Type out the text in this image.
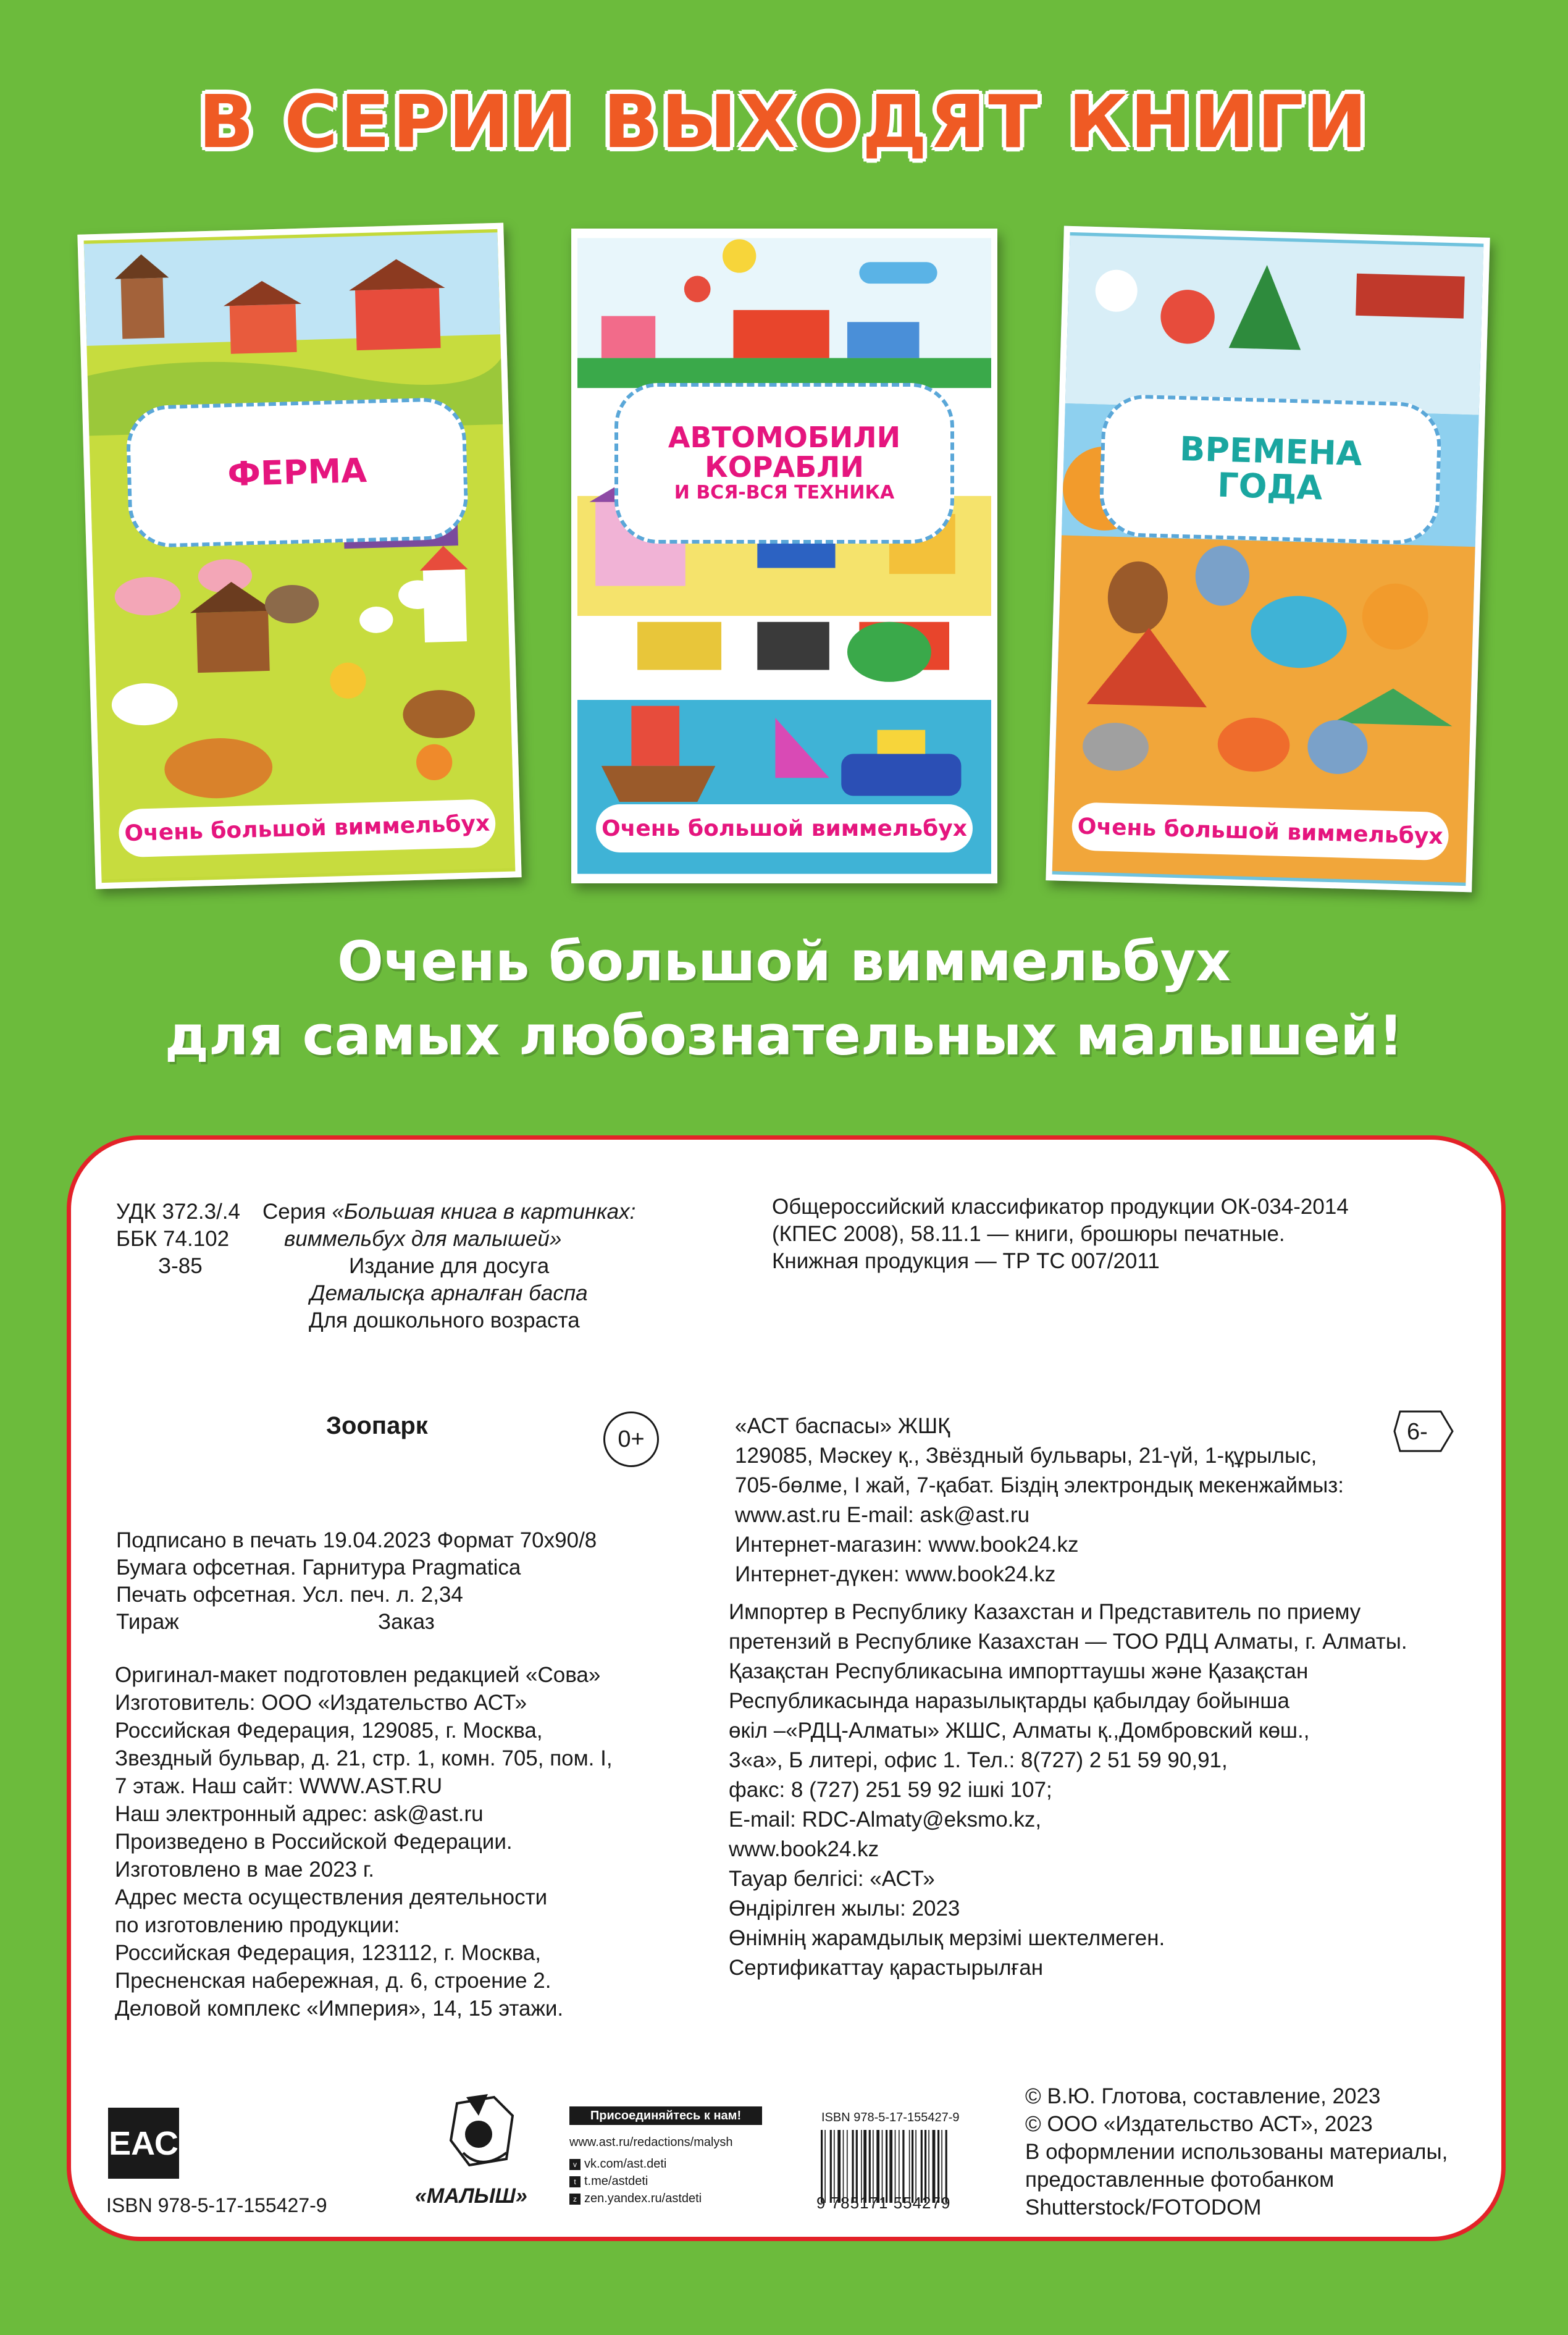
В СЕРИИ ВЫХОДЯТ КНИГИ
ФЕРМА
Очень большой виммельбух
АВТОМОБИЛИ КОРАБЛИ
И ВСЯ-ВСЯ ТЕХНИКА
Очень большой виммельбух
ВРЕМЕНА ГОДА
Очень большой виммельбух
Очень большой виммельбух
для самых любознательных малышей!
УДК 372.3/.4
ББК 74.102
З-85
Серия «Большая книга в картинках:
виммельбух для малышей»
Издание для досуга
Демалысқа арналған баспа
Для дошкольного возраста
Общероссийский классификатор продукции ОК-034-2014
(КПЕС 2008), 58.11.1 — книги, брошюры печатные.
Книжная продукция — ТР ТС 007/2011
Зоопарк	0+	6-
Подписано в печать 19.04.2023 Формат 70x90/8
Бумага офсетная. Гарнитура Pragmatica
Печать офсетная. Усл. печ. л. 2,34
Тираж	Заказ
Оригинал-макет подготовлен редакцией «Сова»
Изготовитель: ООО «Издательство АСТ»
Российская Федерация, 129085, г. Москва,
Звездный бульвар, д. 21, стр. 1, комн. 705, пом. I,
7 этаж. Наш сайт: WWW.AST.RU
Наш электронный адрес: ask@ast.ru
Произведено в Российской Федерации.
Изготовлено в мае 2023 г.
Адрес места осуществления деятельности
по изготовлению продукции:
Российская Федерация, 123112, г. Москва,
Пресненская набережная, д. 6, строение 2.
Деловой комплекс «Империя», 14, 15 этажи.
«АСТ баспасы» ЖШҚ
129085, Мәскеу қ., Звёздный бульвары, 21-үй, 1-құрылыс,
705-бөлме, I жай, 7-қабат. Біздің электрондық мекенжаймыз:
www.ast.ru E-mail: ask@ast.ru
Интернет-магазин: www.book24.kz
Интернет-дүкен: www.book24.kz
Импортер в Республику Казахстан и Представитель по приему
претензий в Республике Казахстан — ТОО РДЦ Алматы, г. Алматы.
Қазақстан Республикасына импорттаушы және Қазақстан
Республикасында наразылықтарды қабылдау бойынша
өкіл –«РДЦ-Алматы» ЖШС, Алматы қ.,Домбровский көш.,
3«а», Б литері, офис 1. Тел.: 8(727) 2 51 59 90,91,
факс: 8 (727) 251 59 92 ішкі 107;
E-mail: RDC-Almaty@eksmo.kz,
www.book24.kz
Тауар белгісі: «АСТ»
Өндірілген жылы: 2023
Өнімнің жарамдылық мерзімі шектелмеген.
Сертификаттау қарастырылған
ЕАС
ISBN 978-5-17-155427-9	«МАЛЫШ»
Присоединяйтесь к нам!
www.ast.ru/redactions/malysh
v vk.com/ast.deti
t t.me/astdeti
z zen.yandex.ru/astdeti
ISBN 978-5-17-155427-9
9 785171 554279
© В.Ю. Глотова, составление, 2023
© ООО «Издательство АСТ», 2023
В оформлении использованы материалы,
предоставленные фотобанком
Shutterstock/FOTODOM
